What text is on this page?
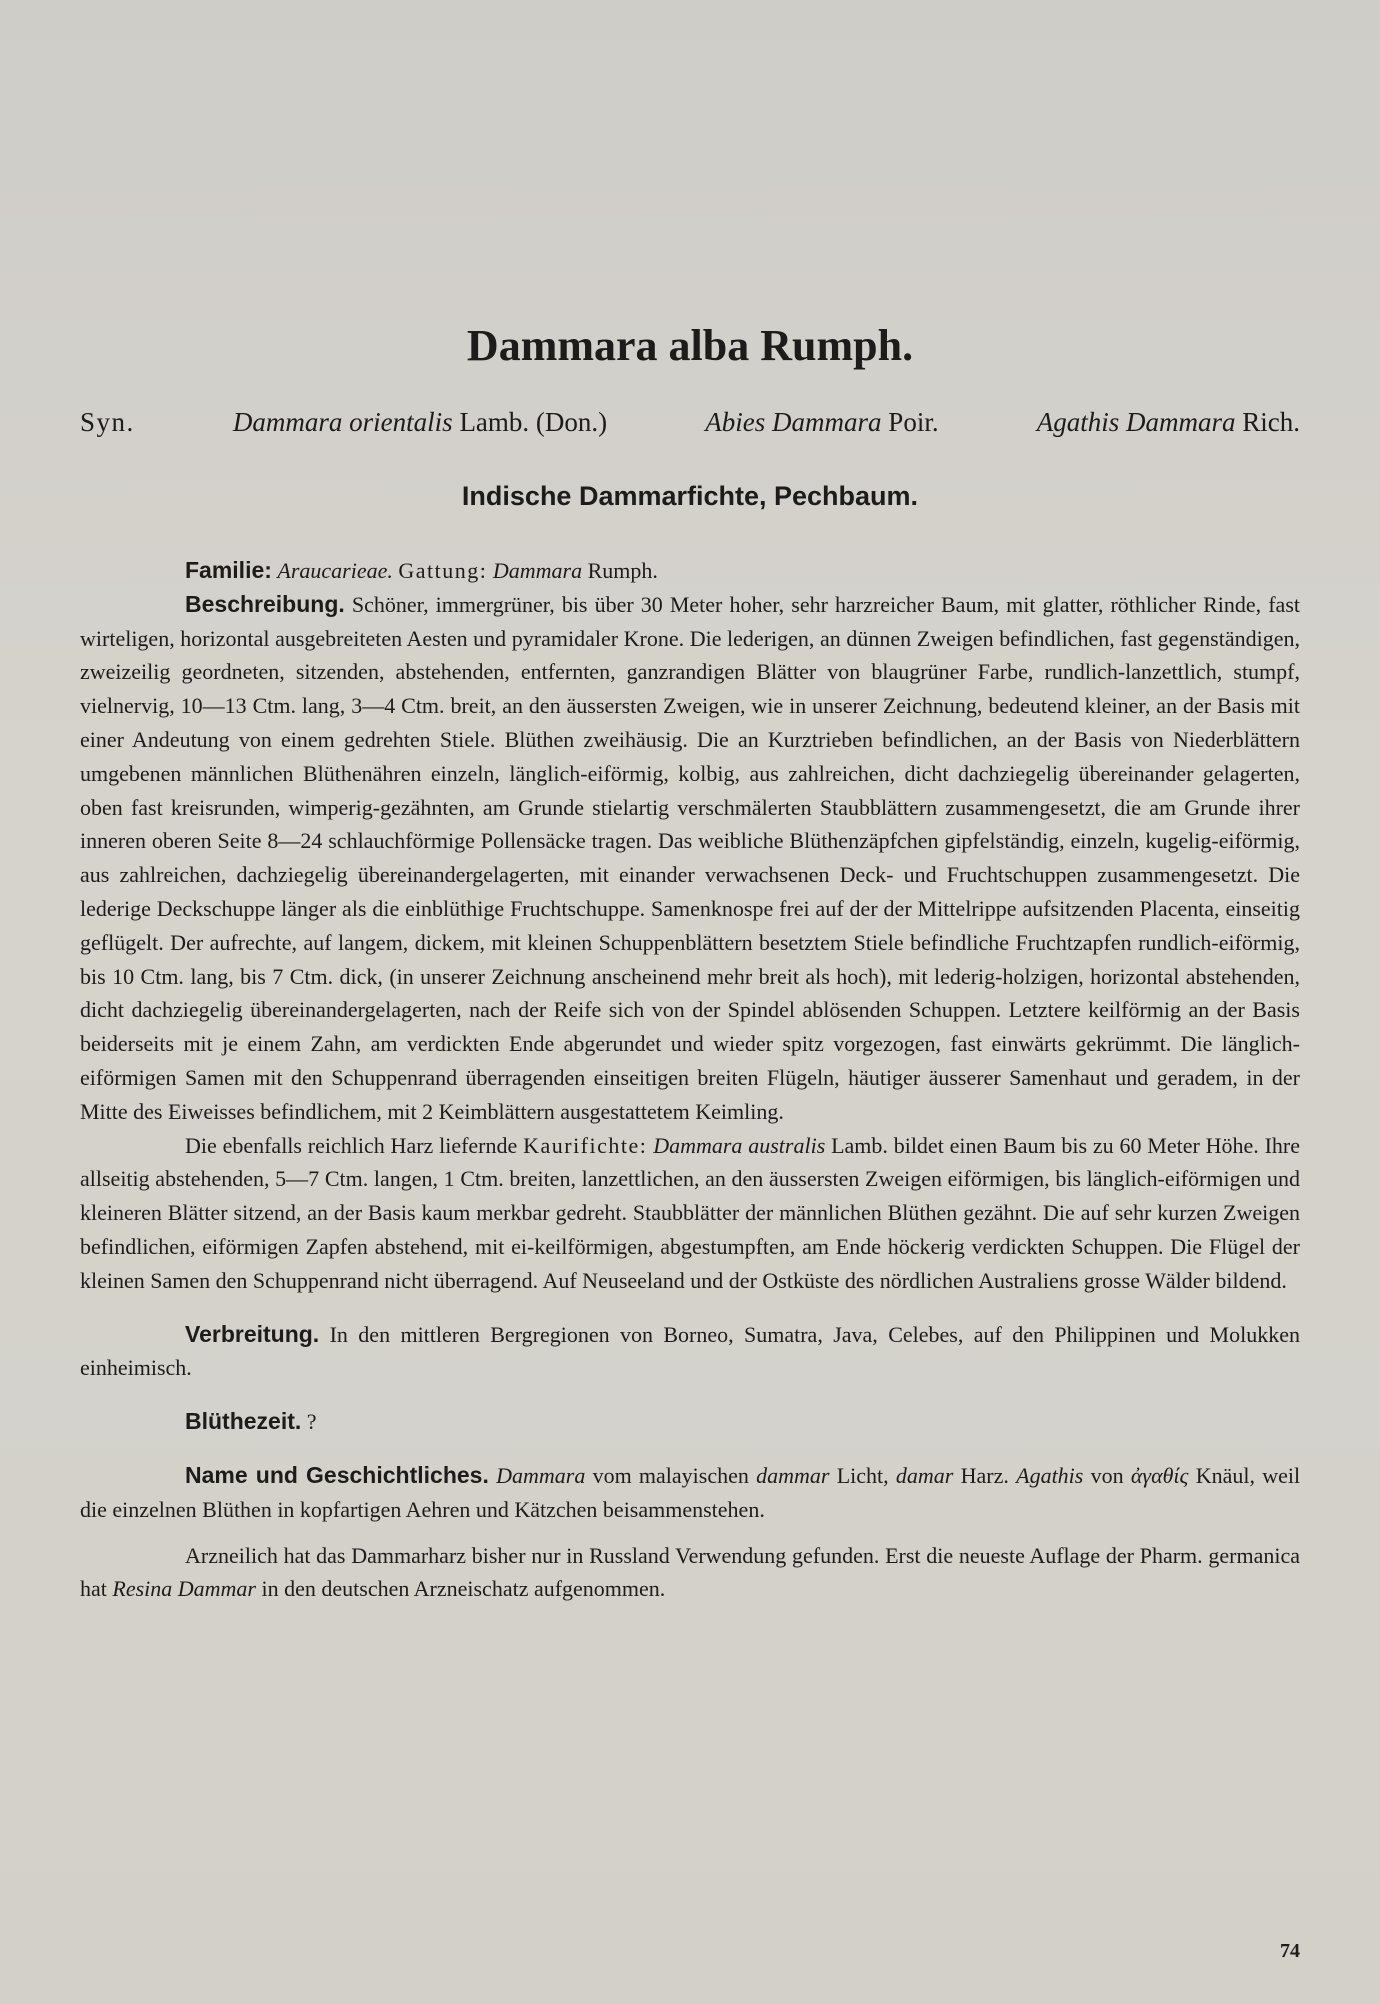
Dammara alba Rumph.
Syn.	Dammara orientalis Lamb. (Don.)	Abies Dammara Poir.	Agathis Dammara Rich.
Indische Dammarfichte, Pechbaum.

Familie: Araucarieae. Gattung: Dammara Rumph.

Beschreibung. Schöner, immergrüner, bis über 30 Meter hoher, sehr harzreicher Baum, mit glatter, röthlicher Rinde, fast wirteligen, horizontal ausgebreiteten Aesten und pyramidaler Krone. Die lederigen, an dünnen Zweigen befindlichen, fast gegenständigen, zweizeilig geordneten, sitzenden, abstehenden, entfernten, ganzrandigen Blätter von blaugrüner Farbe, rundlich-lanzettlich, stumpf, vielnervig, 10—13 Ctm. lang, 3—4 Ctm. breit, an den äussersten Zweigen, wie in unserer Zeichnung, bedeutend kleiner, an der Basis mit einer Andeutung von einem gedrehten Stiele. Blüthen zweihäusig. Die an Kurztrieben befindlichen, an der Basis von Niederblättern umgebenen männlichen Blüthenähren einzeln, länglich-eiförmig, kolbig, aus zahlreichen, dicht dachziegelig übereinander gelagerten, oben fast kreisrunden, wimperig-gezähnten, am Grunde stielartig verschmälerten Staubblättern zusammengesetzt, die am Grunde ihrer inneren oberen Seite 8—24 schlauchförmige Pollensäcke tragen. Das weibliche Blüthenzäpfchen gipfelständig, einzeln, kugelig-eiförmig, aus zahlreichen, dachziegelig übereinandergelagerten, mit einander verwachsenen Deck- und Fruchtschuppen zusammengesetzt. Die lederige Deckschuppe länger als die einblüthige Fruchtschuppe. Samenknospe frei auf der der Mittelrippe aufsitzenden Placenta, einseitig geflügelt. Der aufrechte, auf langem, dickem, mit kleinen Schuppenblättern besetztem Stiele befindliche Fruchtzapfen rundlich-eiförmig, bis 10 Ctm. lang, bis 7 Ctm. dick, (in unserer Zeichnung anscheinend mehr breit als hoch), mit lederig-holzigen, horizontal abstehenden, dicht dachziegelig übereinandergelagerten, nach der Reife sich von der Spindel ablösenden Schuppen. Letztere keilförmig an der Basis beiderseits mit je einem Zahn, am verdickten Ende abgerundet und wieder spitz vorgezogen, fast einwärts gekrümmt. Die länglich-eiförmigen Samen mit den Schuppenrand überragenden einseitigen breiten Flügeln, häutiger äusserer Samenhaut und geradem, in der Mitte des Eiweisses befindlichem, mit 2 Keimblättern ausgestattetem Keimling.

Die ebenfalls reichlich Harz liefernde Kaurifichte: Dammara australis Lamb. bildet einen Baum bis zu 60 Meter Höhe. Ihre allseitig abstehenden, 5—7 Ctm. langen, 1 Ctm. breiten, lanzettlichen, an den äussersten Zweigen eiförmigen, bis länglich-eiförmigen und kleineren Blätter sitzend, an der Basis kaum merkbar gedreht. Staubblätter der männlichen Blüthen gezähnt. Die auf sehr kurzen Zweigen befindlichen, eiförmigen Zapfen abstehend, mit ei-keilförmigen, abgestumpften, am Ende höckerig verdickten Schuppen. Die Flügel der kleinen Samen den Schuppenrand nicht überragend. Auf Neuseeland und der Ostküste des nördlichen Australiens grosse Wälder bildend.

Verbreitung. In den mittleren Bergregionen von Borneo, Sumatra, Java, Celebes, auf den Philippinen und Molukken einheimisch.

Blüthezeit. ?

Name und Geschichtliches. Dammara vom malayischen dammar Licht, damar Harz. Agathis von ἀγαθίς Knäul, weil die einzelnen Blüthen in kopfartigen Aehren und Kätzchen beisammenstehen.

Arzneilich hat das Dammarharz bisher nur in Russland Verwendung gefunden. Erst die neueste Auflage der Pharm. germanica hat Resina Dammar in den deutschen Arzneischatz aufgenommen.

74
